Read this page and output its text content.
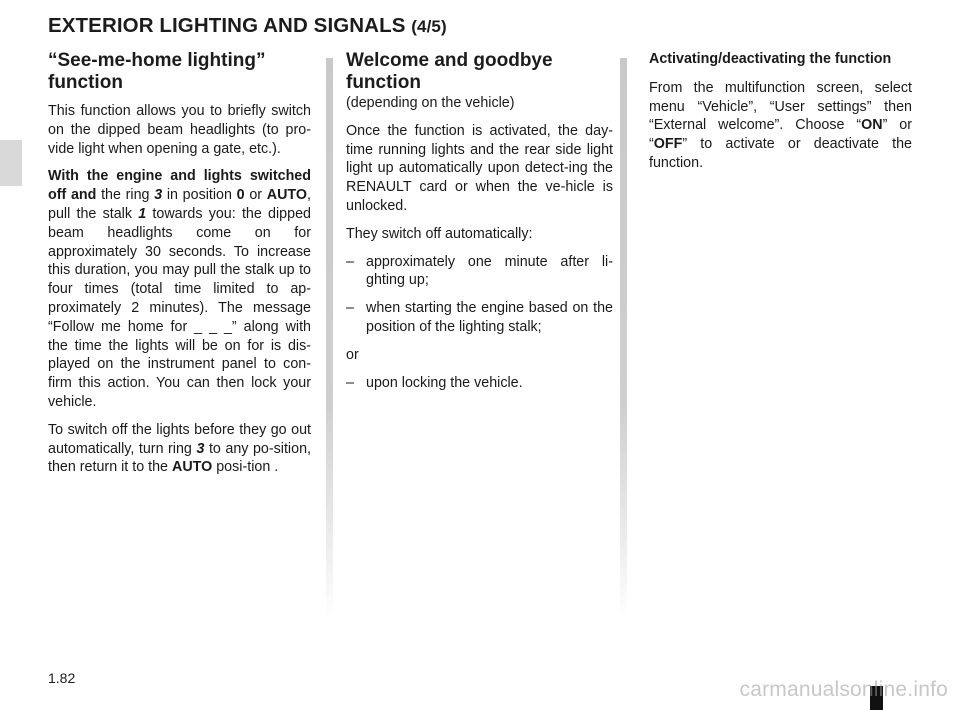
EXTERIOR LIGHTING AND SIGNALS (4/5)
“See-me-home lighting” function

This function allows you to briefly switch on the dipped beam headlights (to pro-vide light when opening a gate, etc.).

With the engine and lights switched off and the ring 3 in position 0 or AUTO, pull the stalk 1 towards you: the dipped beam headlights come on for approximately 30 seconds. To increase this duration, you may pull the stalk up to four times (total time limited to ap-proximately 2 minutes). The message “Follow me home for _ _ _” along with the time the lights will be on for is dis-played on the instrument panel to con-firm this action. You can then lock your vehicle.

To switch off the lights before they go out automatically, turn ring 3 to any po-sition, then return it to the AUTO posi-tion .

Welcome and goodbye function
(depending on the vehicle)

Once the function is activated, the day-time running lights and the rear side light light up automatically upon detect-ing the RENAULT card or when the ve-hicle is unlocked.

They switch off automatically:

– approximately one minute after li-ghting up;
– when starting the engine based on the position of the lighting stalk;

or

– upon locking the vehicle.
Activating/deactivating the function

From the multifunction screen, select menu “Vehicle”, “User settings” then “External welcome”. Choose “ON” or “OFF” to activate or deactivate the function.

1.82	carmanualsonline.info
